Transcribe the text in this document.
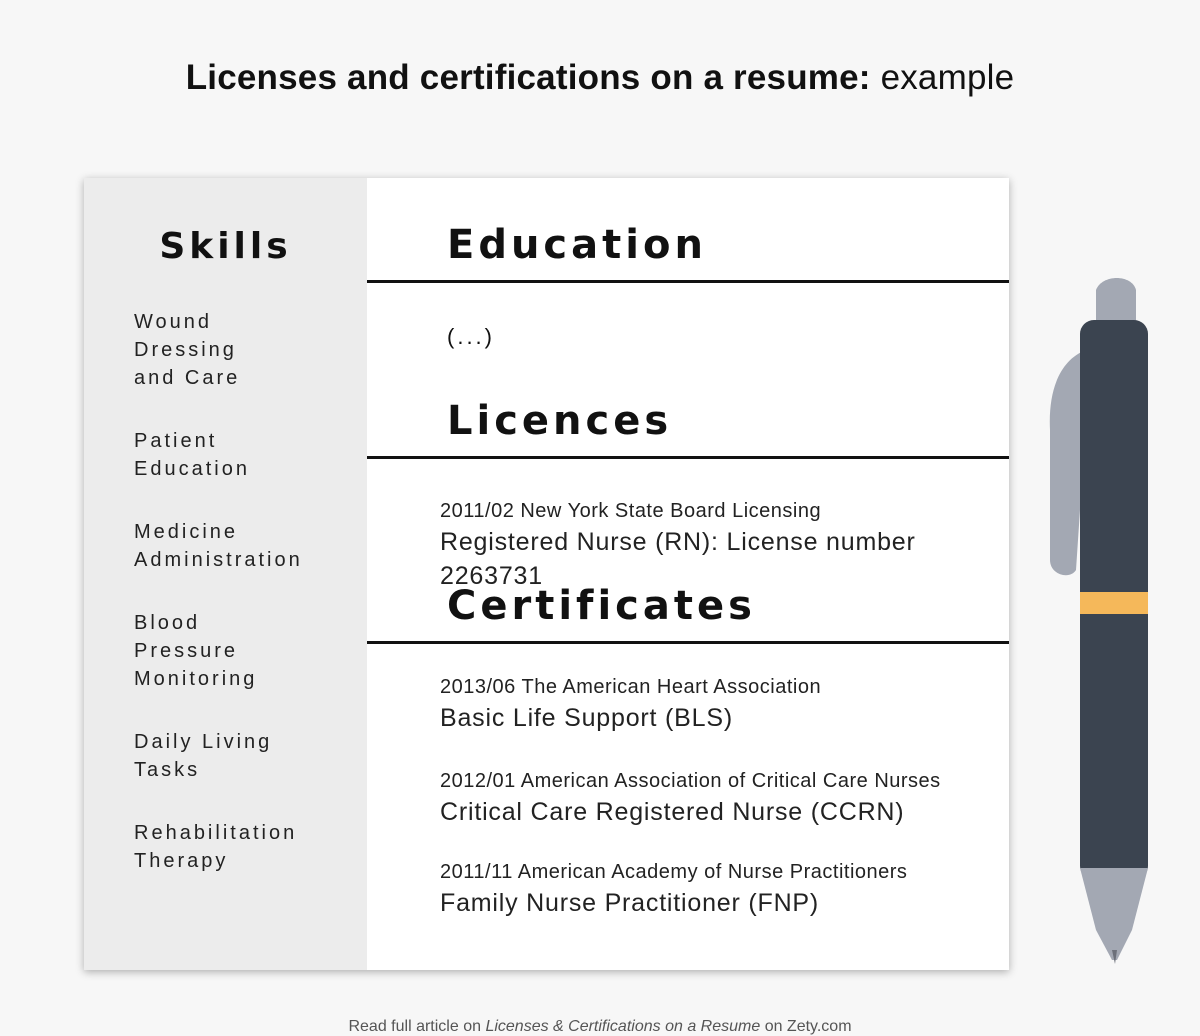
Licenses and certifications on a resume: example
Skills
Wound
Dressing
and Care
Patient
Education
Medicine
Administration
Blood
Pressure
Monitoring
Daily Living
Tasks
Rehabilitation
Therapy
Education
(...)
Licences
2011/02 New York State Board Licensing
Registered Nurse (RN): License number 2263731
Certificates
2013/06 The American Heart Association
Basic Life Support (BLS)
2012/01 American Association of Critical Care Nurses
Critical Care Registered Nurse (CCRN)
2011/11 American Academy of Nurse Practitioners
Family Nurse Practitioner (FNP)
Read full article on Licenses & Certifications on a Resume on Zety.com
